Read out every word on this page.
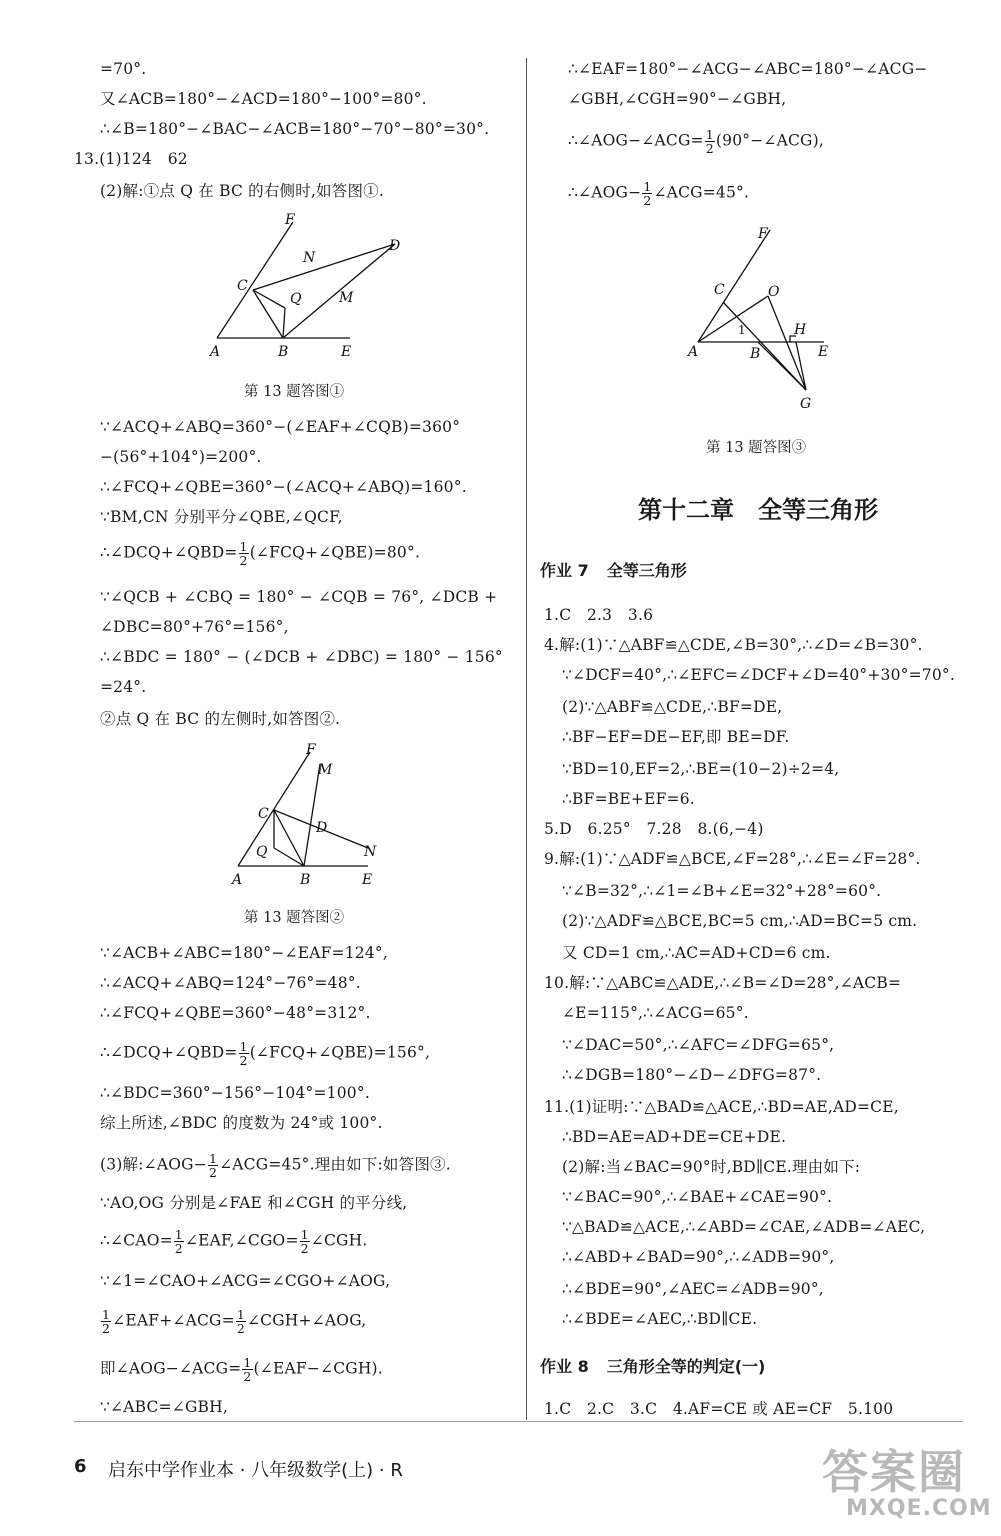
=70°.
又∠ACB=180°−∠ACD=180°−100°=80°.
∴∠B=180°−∠BAC−∠ACB=180°−70°−80°=30°.
13.(1)124　62
(2)解:①点 Q 在 BC 的右侧时,如答图①.
F
N
D
C
Q	M
A	B	E
第 13 题答图①
∵∠ACQ+∠ABQ=360°−(∠EAF+∠CQB)=360°
−(56°+104°)=200°.
∴∠FCQ+∠QBE=360°−(∠ACQ+∠ABQ)=160°.
∵BM,CN 分别平分∠QBE,∠QCF,
∴∠DCQ+∠QBD= $\frac{1}{2}$ (∠FCQ+∠QBE)=80°.
∵∠QCB + ∠CBQ = 180° − ∠CQB = 76°, ∠DCB +
∠DBC=80°+76°=156°,
∴∠BDC = 180° − (∠DCB + ∠DBC) = 180° − 156°
=24°.
②点 Q 在 BC 的左侧时,如答图②.
F
M
C
D
Q	N
A	B	E
第 13 题答图②
∵∠ACB+∠ABC=180°−∠EAF=124°,
∴∠ACQ+∠ABQ=124°−76°=48°.
∴∠FCQ+∠QBE=360°−48°=312°.
∴∠DCQ+∠QBD= $\frac{1}{2}$ (∠FCQ+∠QBE)=156°,
∴∠BDC=360°−156°−104°=100°.
综上所述,∠BDC 的度数为 24°或 100°.
(3)解:∠AOG− $\frac{1}{2}$ ∠ACG=45°.理由如下:如答图③.
∵AO,OG 分别是∠FAE 和∠CGH 的平分线,
∴∠CAO= $\frac{1}{2}$ ∠EAF,∠CGO= $\frac{1}{2}$ ∠CGH.
∵∠1=∠CAO+∠ACG=∠CGO+∠AOG,
$\frac{1}{2}$ ∠EAF+∠ACG= $\frac{1}{2}$ ∠CGH+∠AOG,
即∠AOG−∠ACG= $\frac{1}{2}$ (∠EAF−∠CGH).
∵∠ABC=∠GBH,
∴∠EAF=180°−∠ACG−∠ABC=180°−∠ACG−
∠GBH,∠CGH=90°−∠GBH,
∴∠AOG−∠ACG= $\frac{1}{2}$ (90°−∠ACG),
∴∠AOG− $\frac{1}{2}$ ∠ACG=45°.
F
C	O
1	H
A	B	E
G
第 13 题答图③
第十二章　全等三角形
作业 7 全等三角形
1.C　2.3　3.6
4.解:(1)∵△ABF≌△CDE,∠B=30°,∴∠D=∠B=30°.
∵∠DCF=40°,∴∠EFC=∠DCF+∠D=40°+30°=70°.
(2)∵△ABF≌△CDE,∴BF=DE,
∴BF−EF=DE−EF,即 BE=DF.
∵BD=10,EF=2,∴BE=(10−2)÷2=4,
∴BF=BE+EF=6.
5.D　6.25°　7.28　8.(6,−4)
9.解:(1)∵△ADF≌△BCE,∠F=28°,∴∠E=∠F=28°.
∵∠B=32°,∴∠1=∠B+∠E=32°+28°=60°.
(2)∵△ADF≌△BCE,BC=5 cm,∴AD=BC=5 cm.
又 CD=1 cm,∴AC=AD+CD=6 cm.
10.解:∵△ABC≌△ADE,∴∠B=∠D=28°,∠ACB=
∠E=115°,∴∠ACG=65°.
∵∠DAC=50°,∴∠AFC=∠DFG=65°,
∴∠DGB=180°−∠D−∠DFG=87°.
11.(1)证明:∵△BAD≌△ACE,∴BD=AE,AD=CE,
∴BD=AE=AD+DE=CE+DE.
(2)解:当∠BAC=90°时,BD∥CE.理由如下:
∵∠BAC=90°,∴∠BAE+∠CAE=90°.
∵△BAD≌△ACE,∴∠ABD=∠CAE,∠ADB=∠AEC,
∴∠ABD+∠BAD=90°,∴∠ADB=90°,
∴∠BDE=90°,∠AEC=∠ADB=90°,
∴∠BDE=∠AEC,∴BD∥CE.
作业 8 三角形全等的判定(一)
1.C　2.C　3.C　4.AF=CE 或 AE=CF　5.100
6 启东中学作业本 · 八年级数学(上) · R	答案圈
MXQE.COM
